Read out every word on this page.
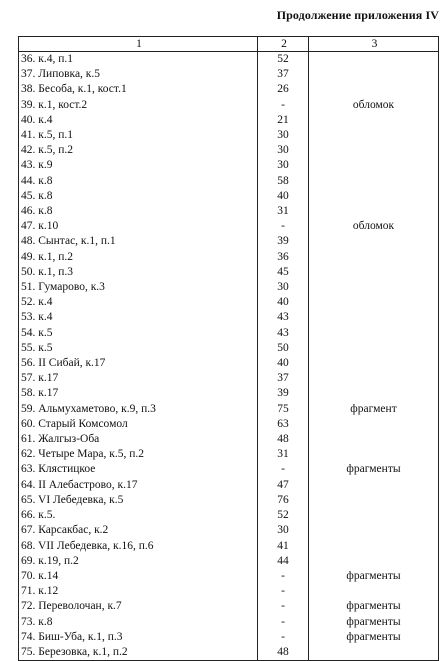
Продолжение приложения IV
1	2	3
36. к.4, п.1	52	
37. Липовка, к.5	37	
38. Бесоба, к.1, кост.1	26	
39. к.1, кост.2	-	обломок
40. к.4	21	
41. к.5, п.1	30	
42. к.5, п.2	30	
43. к.9	30	
44. к.8	58	
45. к.8	40	
46. к.8	31	
47. к.10	-	обломок
48. Сынтас, к.1, п.1	39	
49. к.1, п.2	36	
50. к.1, п.3	45	
51. Гумарово, к.3	30	
52. к.4	40	
53. к.4	43	
54. к.5	43	
55. к.5	50	
56. II Сибай, к.17	40	
57. к.17	37	
58. к.17	39	
59. Альмухаметово, к.9, п.3	75	фрагмент
60. Старый Комсомол	63	
61. Жалгыз-Оба	48	
62. Четыре Мара, к.5, п.2	31	
63. Клястицкое	-	фрагменты
64. II Алебастрово, к.17	47	
65. VI Лебедевка, к.5	76	
66. к.5.	52	
67. Карсакбас, к.2	30	
68. VII Лебедевка, к.16, п.6	41	
69. к.19, п.2	44	
70. к.14	-	фрагменты
71. к.12	-	
72. Переволочан, к.7	-	фрагменты
73. к.8	-	фрагменты
74. Биш-Уба, к.1, п.3	-	фрагменты
75. Березовка, к.1, п.2	48	
